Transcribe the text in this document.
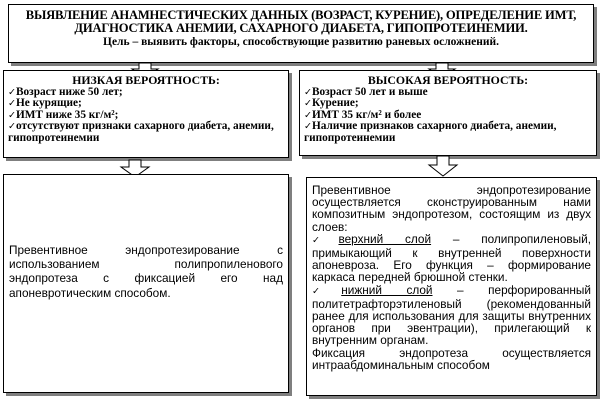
ВЫЯВЛЕНИЕ АНАМНЕСТИЧЕСКИХ ДАННЫХ (ВОЗРАСТ, КУРЕНИЕ), ОПРЕДЕЛЕНИЕ ИМТ, ДИАГНОСТИКА АНЕМИИ, САХАРНОГО ДИАБЕТА, ГИПОПРОТЕИНЕМИИ.
Цель – выявить факторы, способствующие развитию раневых осложнений.
НИЗКАЯ ВЕРОЯТНОСТЬ:
✓Возраст ниже 50 лет;
✓Не курящие;
✓ИМТ ниже 35 кг/м²;
✓отсутствуют признаки сахарного диабета, анемии, гипопротеинемии
ВЫСОКАЯ ВЕРОЯТНОСТЬ:
✓Возраст 50 лет и выше
✓Курение;
✓ИМТ 35 кг/м² и более
✓Наличие признаков сахарного диабета, анемии, гипопротеинемии
Превентивное эндопротезирование с использованием полипропиленового эндопротеза с фиксацией его над апоневротическим способом.

Превентивное эндопротезирование осуществляется сконструированным нами композитным эндопротезом, состоящим из двух слоев:

✓верхний слой – полипропиленовый, примыкающий к внутренней поверхности апоневроза. Его функция – формирование каркаса передней брюшной стенки.

✓нижний слой – перфорированный политетрафторэтиленовый (рекомендованный ранее для использования для защиты внутренних органов при эвентрации), прилегающий к внутренним органам.

Фиксация эндопротеза осуществляется интраабдоминальным способом
